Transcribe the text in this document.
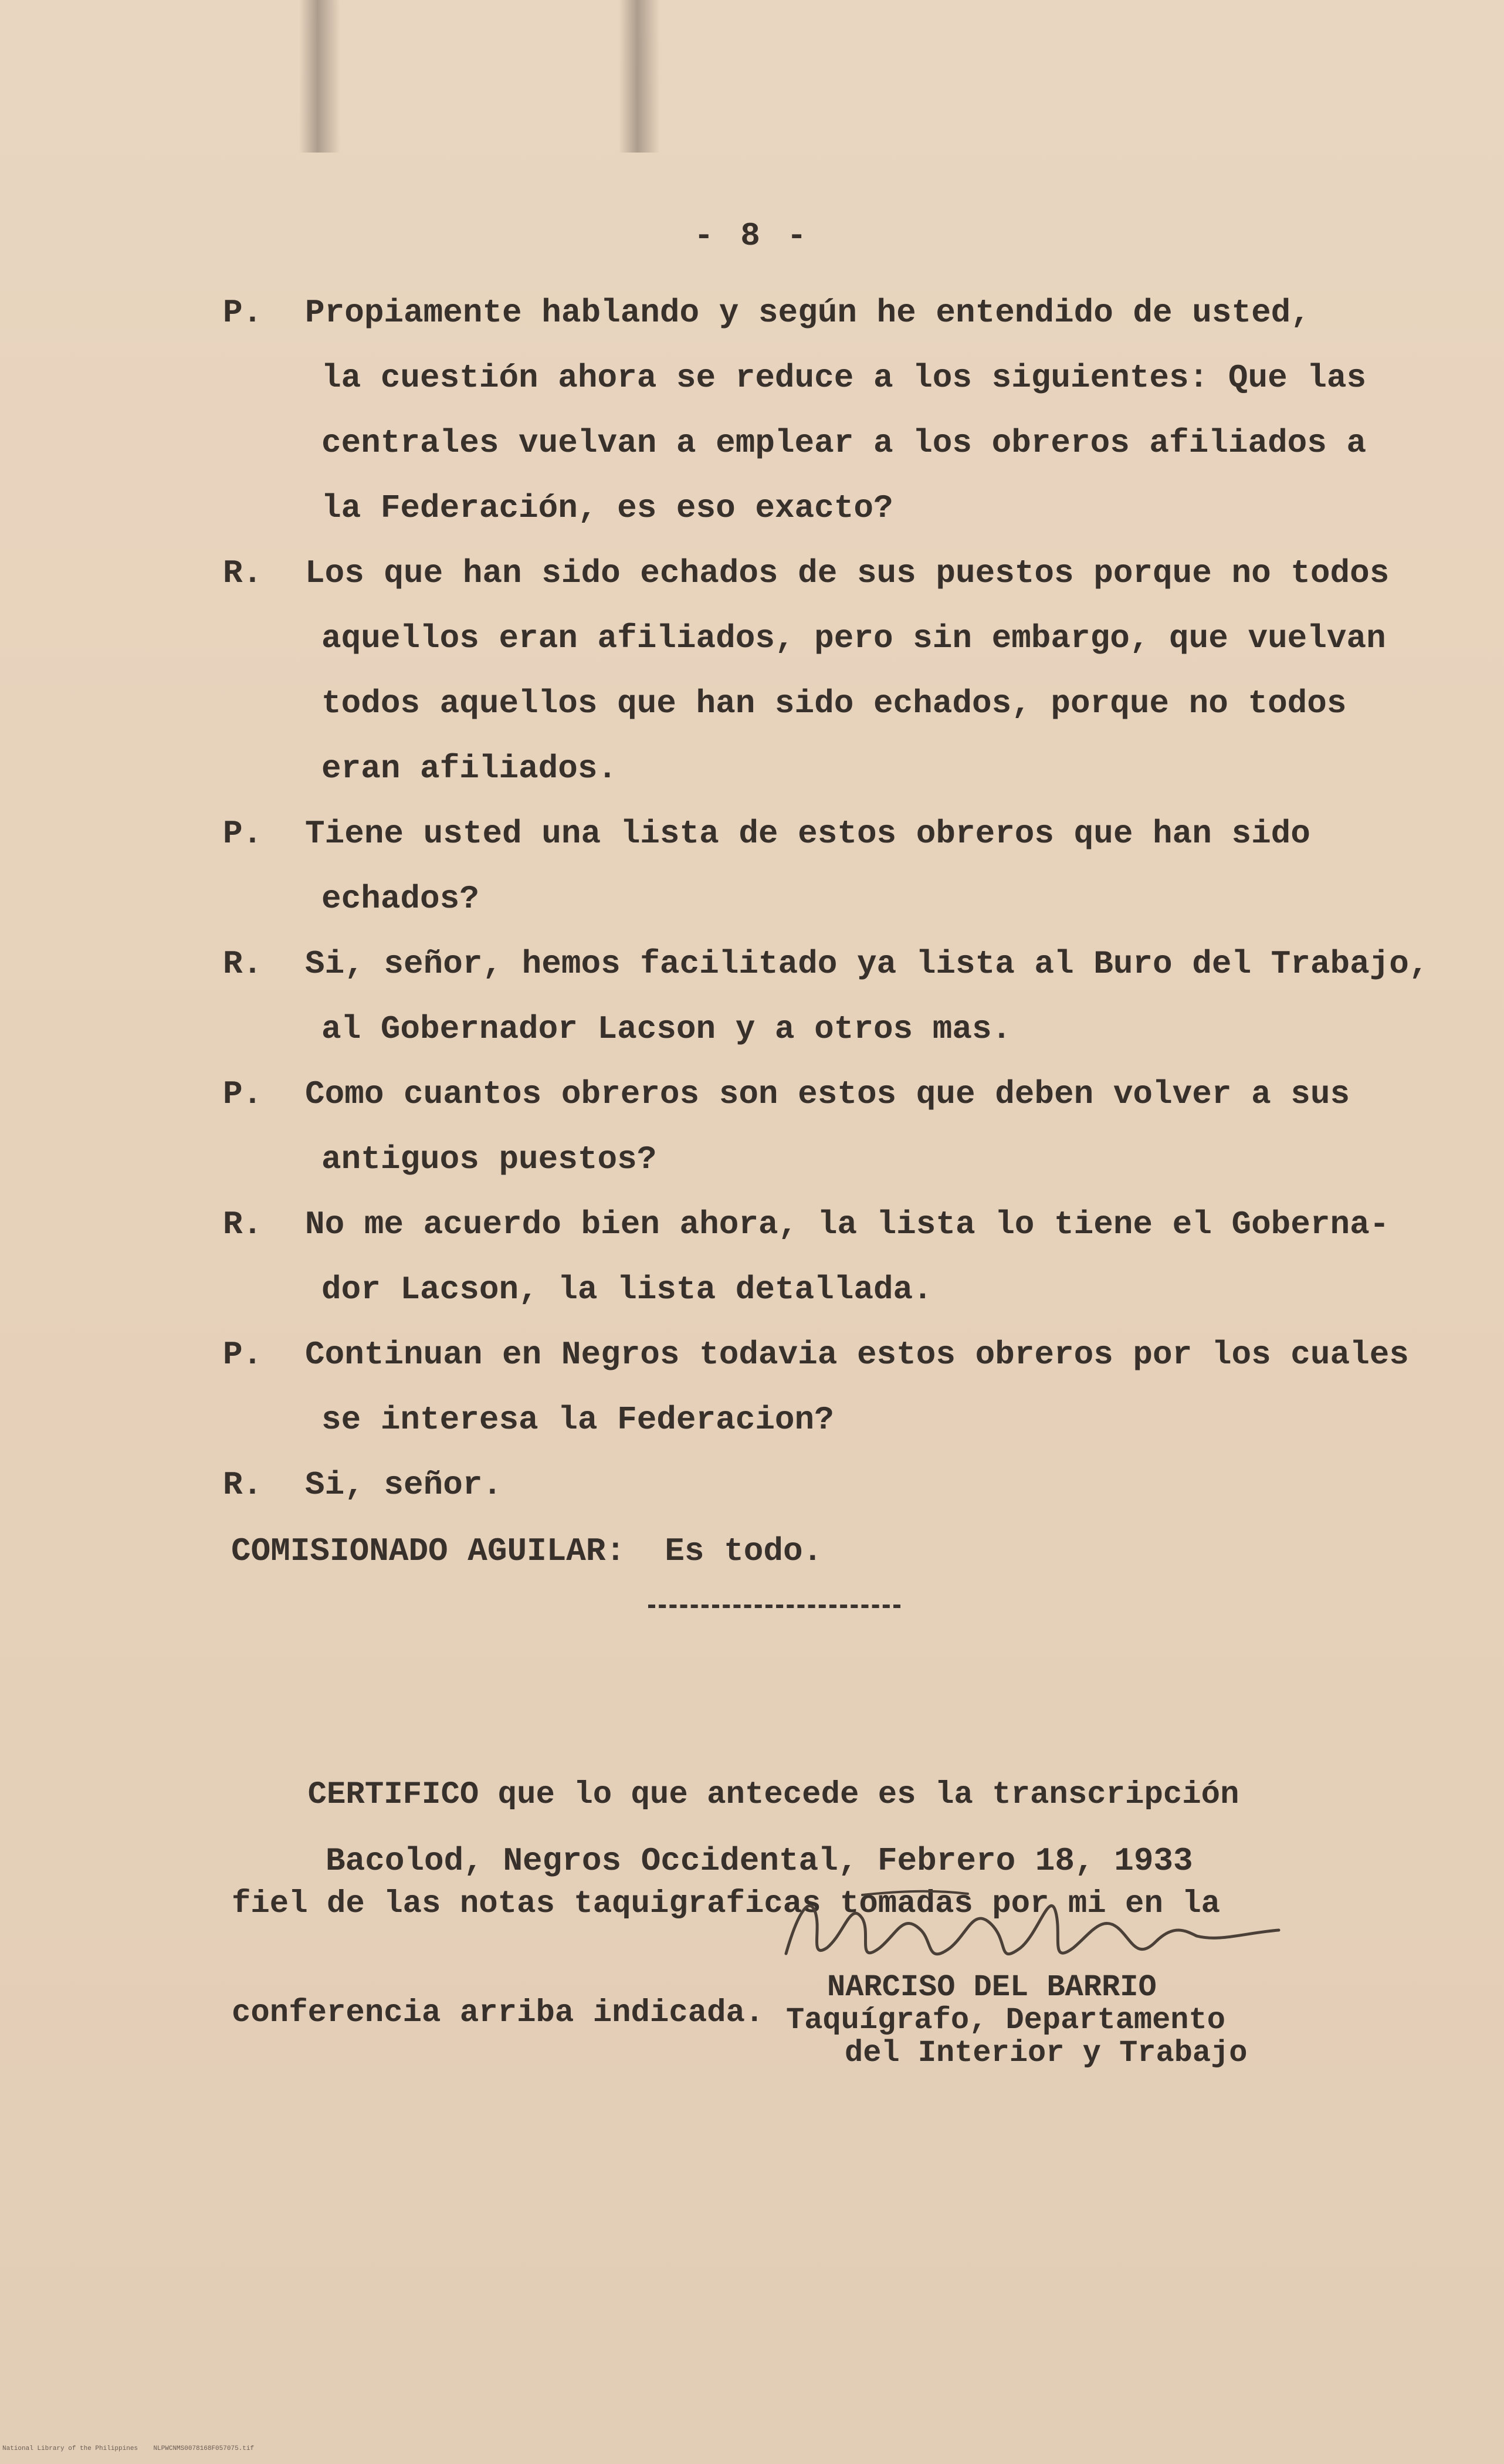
- 8 -
P.	Propiamente hablando y según he entendido de usted,
la cuestión ahora se reduce a los siguientes: Que las
centrales vuelvan a emplear a los obreros afiliados a
la Federación, es eso exacto?
R.	Los que han sido echados de sus puestos porque no todos
aquellos eran afiliados, pero sin embargo, que vuelvan
todos aquellos que han sido echados, porque no todos
eran afiliados.
P.	Tiene usted una lista de estos obreros que han sido
echados?
R.	Si, señor, hemos facilitado ya lista al Buro del Trabajo,
al Gobernador Lacson y a otros mas.
P.	Como cuantos obreros son estos que deben volver a sus
antiguos puestos?
R.	No me acuerdo bien ahora, la lista lo tiene el Goberna-
dor Lacson, la lista detallada.
P.	Continuan en Negros todavia estos obreros por los cuales
se interesa la Federacion?
R.	Si, señor.
COMISIONADO AGUILAR:  Es todo.

CERTIFICO que lo que antecede es la transcripción

fiel de las notas taquigraficas tomadas por mi en la

conferencia arriba indicada.

Bacolod, Negros Occidental, Febrero 18, 1933
NARCISO DEL BARRIO
Taquígrafo, Departamento
del Interior y Trabajo
National Library of the Philippines    NLPWCNMS0078168F057075.tif
